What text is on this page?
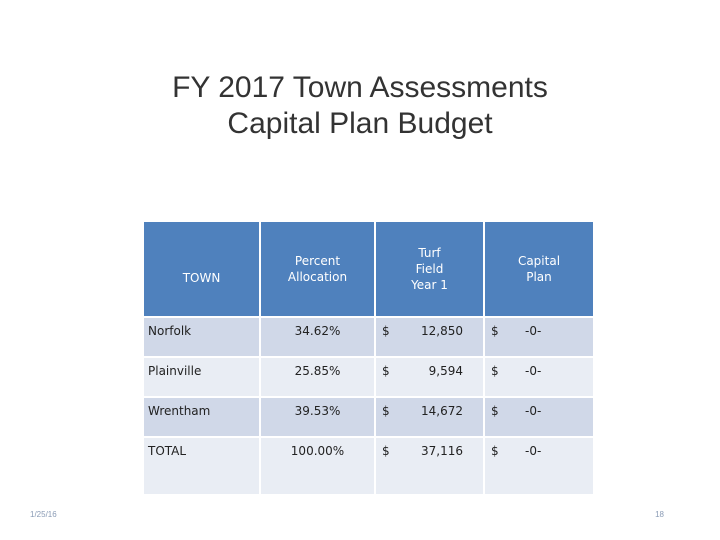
FY 2017 Town Assessments
Capital Plan Budget
TOWN	Percent Allocation	Turf Field Year 1	Capital Plan

Norfolk	34.62%	$ 12,850	$ -0-

Plainville	25.85%	$ 9,594	$ -0-

Wrentham	39.53%	$ 14,672	$ -0-

TOTAL	100.00%	$ 37,116	$ -0-
1/25/16	18
